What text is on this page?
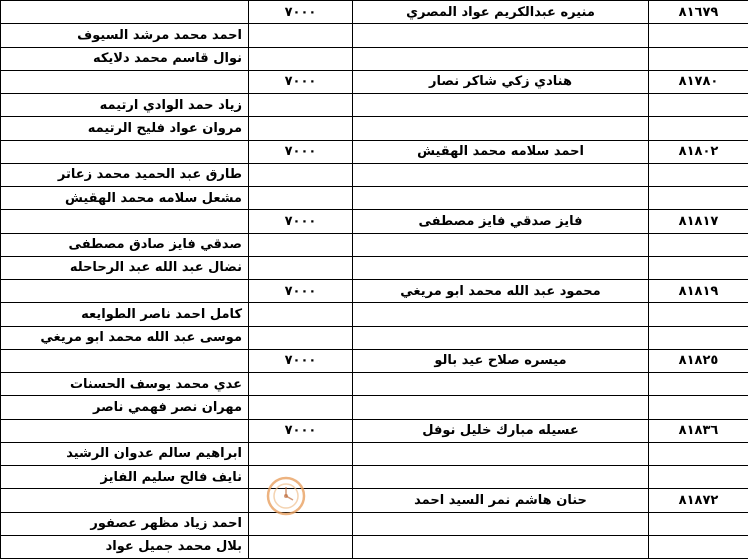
	٧٠٠٠	منيره عبدالكريم عواد المصري	٨١٦٧٩
احمد محمد مرشد السيوف			
نوال قاسم محمد دلايكه			
	٧٠٠٠	هنادي زكي شاكر نصار	٨١٧٨٠
زياد حمد الوادي ارتيمه			
مروان عواد فليح الرتيمه			
	٧٠٠٠	احمد سلامه محمد الهقيش	٨١٨٠٢
طارق عبد الحميد محمد زعاتر			
مشعل سلامه محمد الهقيش			
	٧٠٠٠	فايز صدقي فايز مصطفى	٨١٨١٧
صدقي فايز صادق مصطفى			
نضال عبد الله عبد الرحاحله			
	٧٠٠٠	محمود عبد الله محمد ابو مريغي	٨١٨١٩
كامل احمد ناصر الطوايعه			
موسى عبد الله محمد ابو مريغي			
	٧٠٠٠	ميسره صلاح عيد بالو	٨١٨٢٥
عدي محمد يوسف الحسنات			
مهران نصر فهمي ناصر			
	٧٠٠٠	عسيله مبارك خليل نوفل	٨١٨٣٦
ابراهيم سالم عدوان الرشيد			
نايف فالح سليم الفايز			
		حنان هاشم نمر السيد احمد	٨١٨٧٢
احمد زياد مظهر عصفور			
بلال محمد جميل عواد			
